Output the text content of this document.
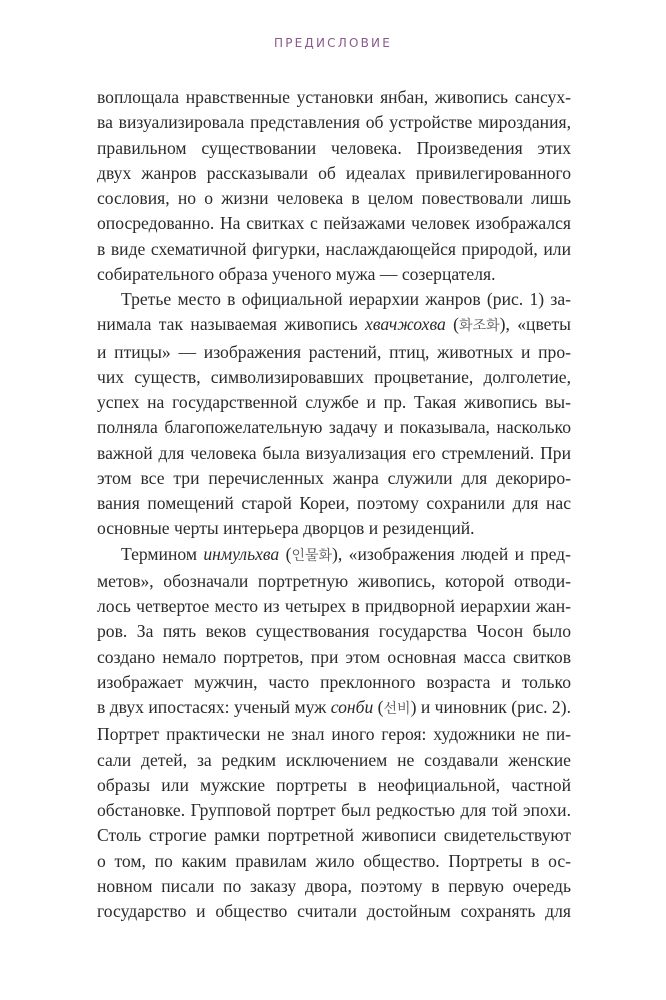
ПРЕДИСЛОВИЕ
воплощала нравственные установки янбан, живопись сансух-
ва визуализировала представления об устройстве мироздания,
правильном существовании человека. Произведения этих
двух жанров рассказывали об идеалах привилегированного
сословия, но о жизни человека в целом повествовали лишь
опосредованно. На свитках с пейзажами человек изображался
в виде схематичной фигурки, наслаждающейся природой, или
собирательного образа ученого мужа — созерцателя.
Третье место в официальной иерархии жанров (рис. 1) за-
нимала так называемая живопись хвачжохва (화조화), «цветы
и птицы» — изображения растений, птиц, животных и про-
чих существ, символизировавших процветание, долголетие,
успех на государственной службе и пр. Такая живопись вы-
полняла благопожелательную задачу и показывала, насколько
важной для человека была визуализация его стремлений. При
этом все три перечисленных жанра служили для декориро-
вания помещений старой Кореи, поэтому сохранили для нас
основные черты интерьера дворцов и резиденций.
Термином инмульхва (인물화), «изображения людей и пред-
метов», обозначали портретную живопись, которой отводи-
лось четвертое место из четырех в придворной иерархии жан-
ров. За пять веков существования государства Чосон было
создано немало портретов, при этом основная масса свитков
изображает мужчин, часто преклонного возраста и только
в двух ипостасях: ученый муж сонби (선비) и чиновник (рис. 2).
Портрет практически не знал иного героя: художники не пи-
сали детей, за редким исключением не создавали женские
образы или мужские портреты в неофициальной, частной
обстановке. Групповой портрет был редкостью для той эпохи.
Столь строгие рамки портретной живописи свидетельствуют
о том, по каким правилам жило общество. Портреты в ос-
новном писали по заказу двора, поэтому в первую очередь
государство и общество считали достойным сохранять для
